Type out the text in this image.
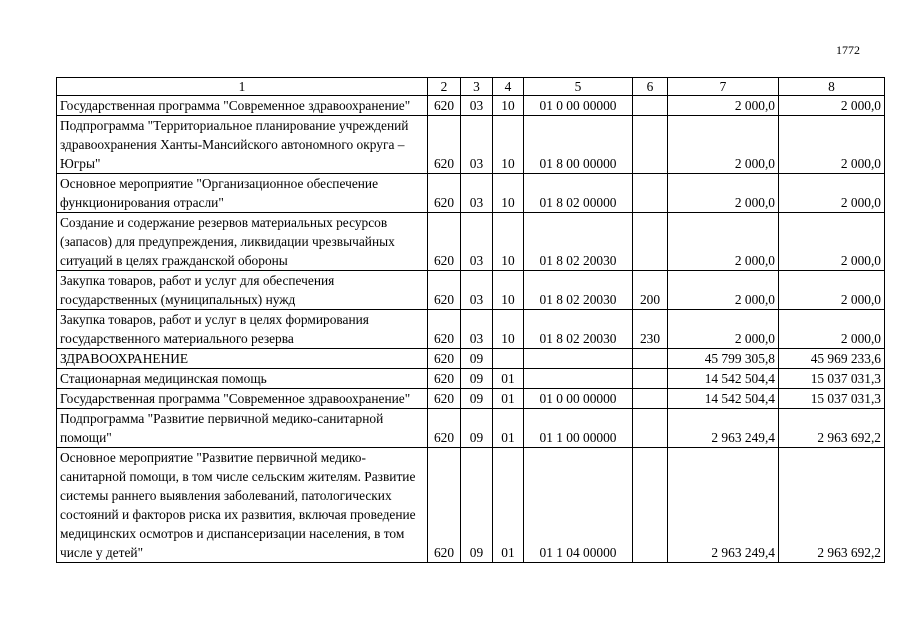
1772
1	2	3	4	5	6	7	8
Государственная программа "Современное здравоохранение"	620	03	10	01 0 00 00000		2 000,0	2 000,0
Подпрограмма "Территориальное планирование учреждений здравоохранения Ханты-Мансийского автономного округа – Югры"	620	03	10	01 8 00 00000		2 000,0	2 000,0
Основное мероприятие "Организационное обеспечение функционирования отрасли"	620	03	10	01 8 02 00000		2 000,0	2 000,0
Создание и содержание резервов материальных ресурсов (запасов) для предупреждения, ликвидации чрезвычайных ситуаций в целях гражданской обороны	620	03	10	01 8 02 20030		2 000,0	2 000,0
Закупка товаров, работ и услуг для обеспечения государственных (муниципальных) нужд	620	03	10	01 8 02 20030	200	2 000,0	2 000,0
Закупка товаров, работ и услуг в целях формирования государственного материального резерва	620	03	10	01 8 02 20030	230	2 000,0	2 000,0
ЗДРАВООХРАНЕНИЕ	620	09				45 799 305,8	45 969 233,6
Стационарная медицинская помощь	620	09	01			14 542 504,4	15 037 031,3
Государственная программа "Современное здравоохранение"	620	09	01	01 0 00 00000		14 542 504,4	15 037 031,3
Подпрограмма "Развитие первичной медико-санитарной помощи"	620	09	01	01 1 00 00000		2 963 249,4	2 963 692,2
Основное мероприятие "Развитие первичной медико-санитарной помощи, в том числе сельским жителям. Развитие системы раннего выявления заболеваний, патологических состояний и факторов риска их развития, включая проведение медицинских осмотров и диспансеризации населения, в том числе у детей"	620	09	01	01 1 04 00000		2 963 249,4	2 963 692,2
